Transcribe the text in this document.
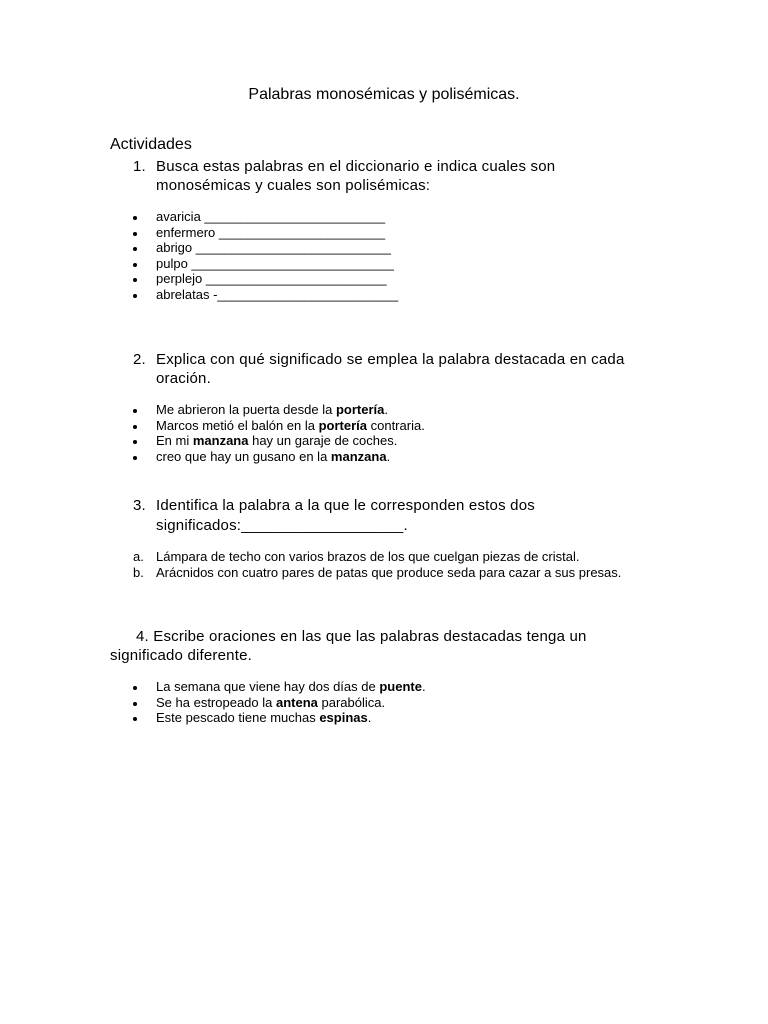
Palabras monosémicas y polisémicas.
Actividades
1. Busca estas palabras en el diccionario e indica cuales son monosémicas y cuales son polisémicas:
avaricia _________________________
enfermero _______________________
abrigo ___________________________
pulpo ____________________________
perplejo _________________________
abrelatas -_________________________
2. Explica con qué significado se emplea la palabra destacada en cada oración.
Me abrieron la puerta desde la portería.
Marcos metió el balón en la portería contraria.
En mi manzana hay un garaje de coches.
creo que hay un gusano en la manzana.
3. Identifica la palabra a la que le corresponden estos dos significados:___________________.
a. Lámpara de techo con varios brazos de los que cuelgan piezas de cristal.
b. Arácnidos con cuatro pares de patas que produce seda para cazar a sus presas.
4. Escribe oraciones en las que las palabras destacadas tenga un significado diferente.
La semana que viene hay dos días de puente.
Se ha estropeado la antena parabólica.
Este pescado tiene muchas espinas.
